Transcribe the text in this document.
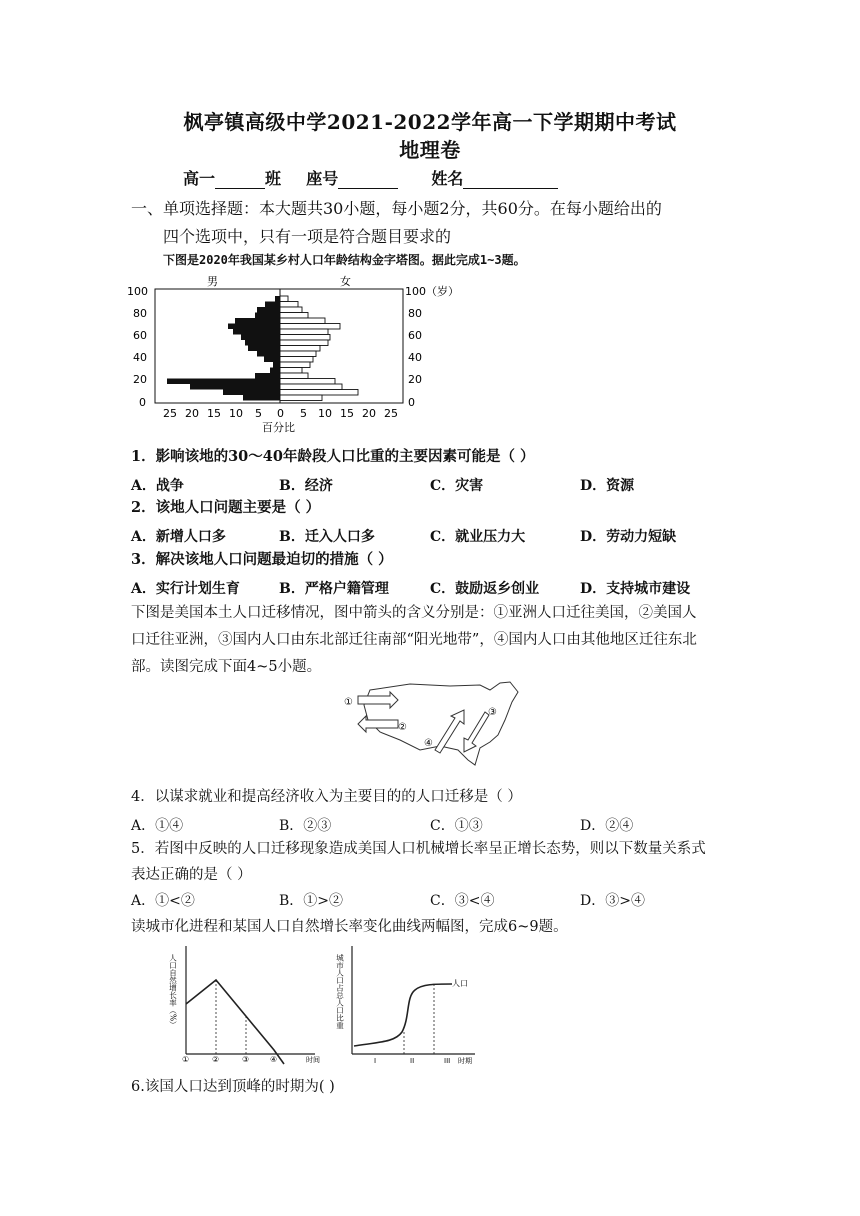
枫亭镇高级中学2021-2022学年高一下学期期中考试
地理卷
高一	班 座号	姓名
一、单项选择题：本大题共30小题，每小题2分，共60分。在每小题给出的
四个选项中，只有一项是符合题目要求的
下图是2020年我国某乡村人口年龄结构金字塔图。据此完成1~3题。
男	女
100
80
60
40
20
0
100（岁）
80
60
40
20
0
25 20 15 10 5 0 5 10 15 20 25
百分比
1．影响该地的30～40年龄段人口比重的主要因素可能是（ ）
A．战争	B．经济	C．灾害	D．资源
2．该地人口问题主要是（ ）
A．新增人口多	B．迁入人口多	C．就业压力大	D．劳动力短缺
3．解决该地人口问题最迫切的措施（ ）
A．实行计划生育	B．严格户籍管理	C．鼓励返乡创业	D．支持城市建设
下图是美国本土人口迁移情况，图中箭头的含义分别是：①亚洲人口迁往美国，②美国人
口迁往亚洲，③国内人口由东北部迁往南部“阳光地带”，④国内人口由其他地区迁往东北
部。读图完成下面4~5小题。
①
②
③
④
4．以谋求就业和提高经济收入为主要目的的人口迁移是（ ）
A．①④	B．②③	C．①③	D．②④
5．若图中反映的人口迁移现象造成美国人口机械增长率呈正增长态势，则以下数量关系式
表达正确的是（ ）
A．①<②	B．①>②	C．③<④	D．③>④
读城市化进程和某国人口自然增长率变化曲线两幅图，完成6~9题。
人口自然增长率（%）
①	②	③	④	时间
城市人口占总人口比重	人口
I	II	III 时期
6.该国人口达到顶峰的时期为( )
